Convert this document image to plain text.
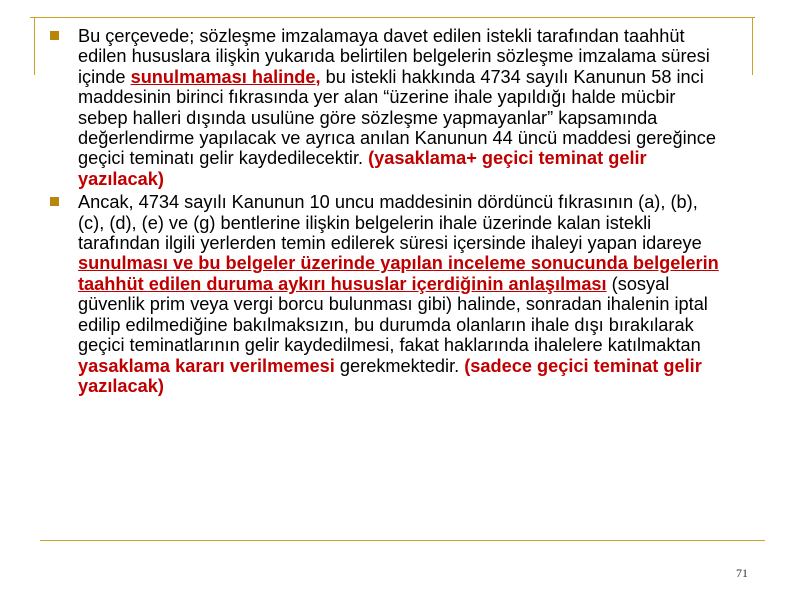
Bu çerçevede; sözleşme imzalamaya davet edilen istekli tarafından taahhüt edilen hususlara ilişkin yukarıda belirtilen belgelerin sözleşme imzalama süresi içinde sunulmaması halinde, bu istekli hakkında 4734 sayılı Kanunun 58 inci maddesinin birinci fıkrasında yer alan “üzerine ihale yapıldığı halde mücbir sebep halleri dışında usulüne göre sözleşme yapmayanlar” kapsamında değerlendirme yapılacak ve ayrıca anılan Kanunun 44 üncü maddesi gereğince geçici teminatı gelir kaydedilecektir. (yasaklama+ geçici teminat gelir yazılacak)

Ancak, 4734 sayılı Kanunun 10 uncu maddesinin dördüncü fıkrasının (a), (b), (c), (d), (e) ve (g) bentlerine ilişkin belgelerin ihale üzerinde kalan istekli tarafından ilgili yerlerden temin edilerek süresi içersinde ihaleyi yapan idareye sunulması ve bu belgeler üzerinde yapılan inceleme sonucunda belgelerin taahhüt edilen duruma aykırı hususlar içerdiğinin anlaşılması (sosyal güvenlik prim veya vergi borcu bulunması gibi) halinde, sonradan ihalenin iptal edilip edilmediğine bakılmaksızın, bu durumda olanların ihale dışı bırakılarak geçici teminatlarının gelir kaydedilmesi, fakat haklarında ihalelere katılmaktan yasaklama kararı verilmemesi gerekmektedir. (sadece geçici teminat gelir yazılacak)

71
